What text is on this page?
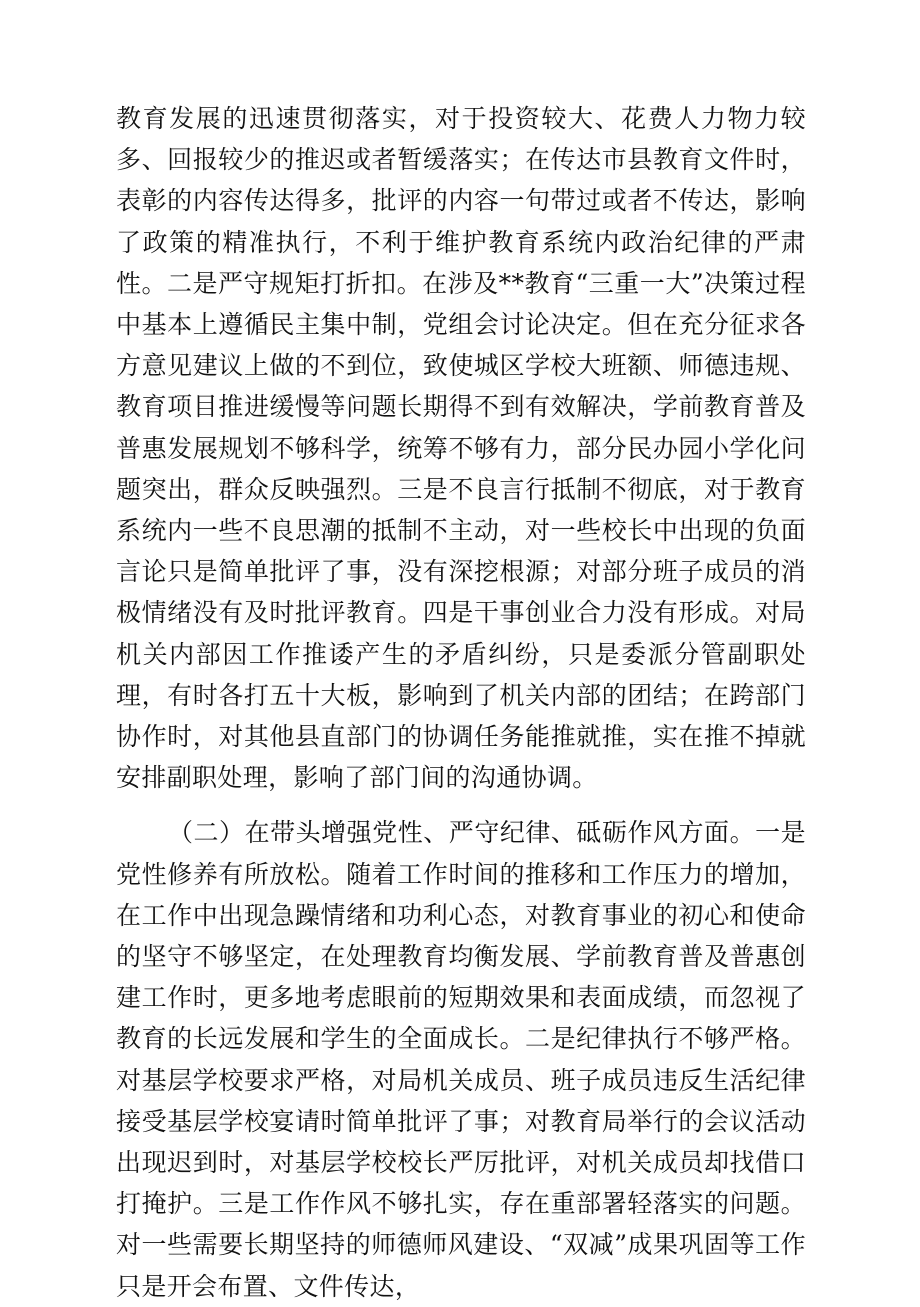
教育发展的迅速贯彻落实，对于投资较大、花费人力物力较多、回报较少的推迟或者暂缓落实；在传达市县教育文件时，表彰的内容传达得多，批评的内容一句带过或者不传达，影响了政策的精准执行，不利于维护教育系统内政治纪律的严肃性。二是严守规矩打折扣。在涉及**教育“三重一大”决策过程中基本上遵循民主集中制，党组会讨论决定。但在充分征求各方意见建议上做的不到位，致使城区学校大班额、师德违规、教育项目推进缓慢等问题长期得不到有效解决，学前教育普及普惠发展规划不够科学，统筹不够有力，部分民办园小学化问题突出，群众反映强烈。三是不良言行抵制不彻底，对于教育系统内一些不良思潮的抵制不主动，对一些校长中出现的负面言论只是简单批评了事，没有深挖根源；对部分班子成员的消极情绪没有及时批评教育。四是干事创业合力没有形成。对局机关内部因工作推诿产生的矛盾纠纷，只是委派分管副职处理，有时各打五十大板，影响到了机关内部的团结；在跨部门协作时，对其他县直部门的协调任务能推就推，实在推不掉就安排副职处理，影响了部门间的沟通协调。

（二）在带头增强党性、严守纪律、砥砺作风方面。一是党性修养有所放松。随着工作时间的推移和工作压力的增加，在工作中出现急躁情绪和功利心态，对教育事业的初心和使命的坚守不够坚定，在处理教育均衡发展、学前教育普及普惠创建工作时，更多地考虑眼前的短期效果和表面成绩，而忽视了教育的长远发展和学生的全面成长。二是纪律执行不够严格。对基层学校要求严格，对局机关成员、班子成员违反生活纪律接受基层学校宴请时简单批评了事；对教育局举行的会议活动出现迟到时，对基层学校校长严厉批评，对机关成员却找借口打掩护。三是工作作风不够扎实，存在重部署轻落实的问题。对一些需要长期坚持的师德师风建设、“双减”成果巩固等工作只是开会布置、文件传达，
